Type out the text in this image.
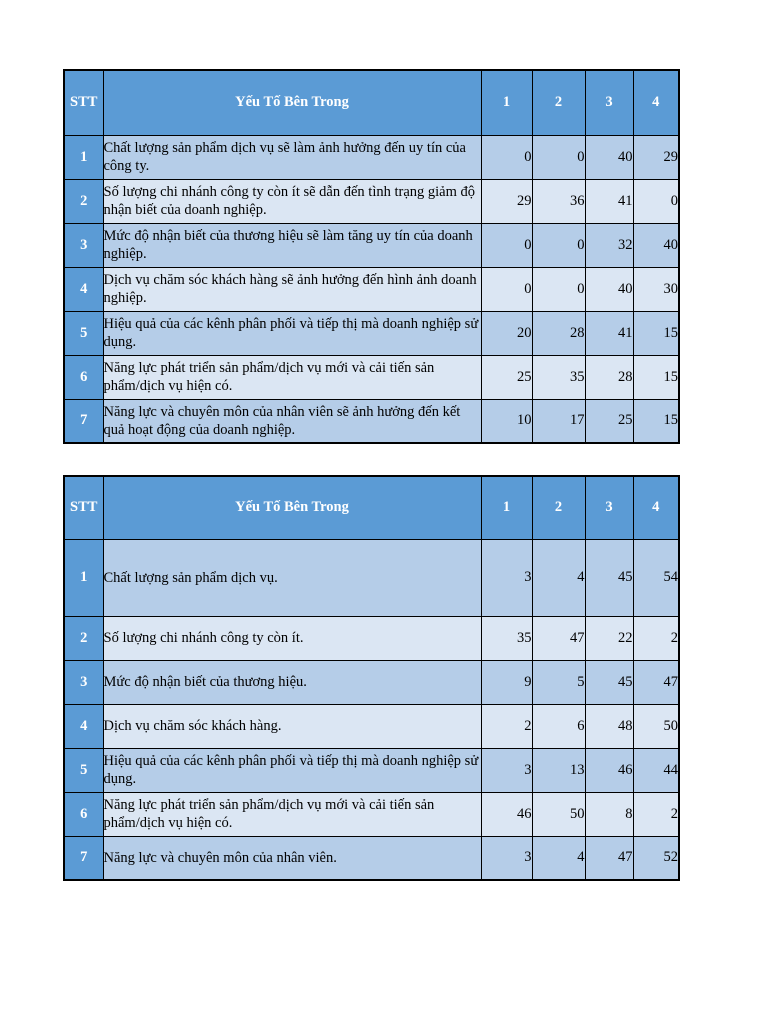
STT	Yếu Tố Bên Trong	1	2	3	4
1	Chất lượng sản phẩm dịch vụ sẽ làm ảnh hưởng đến uy tín của công ty.	0	0	40	29
2	Số lượng chi nhánh công ty còn ít sẽ dẫn đến tình trạng giảm độ nhận biết của doanh nghiệp.	29	36	41	0
3	Mức độ nhận biết của thương hiệu sẽ làm tăng uy tín của doanh nghiệp.	0	0	32	40
4	Dịch vụ chăm sóc khách hàng sẽ ảnh hưởng đến hình ảnh doanh nghiệp.	0	0	40	30
5	Hiệu quả của các kênh phân phối và tiếp thị mà doanh nghiệp sử dụng.	20	28	41	15
6	Năng lực phát triển sản phẩm/dịch vụ mới và cải tiến sản phẩm/dịch vụ hiện có.	25	35	28	15
7	Năng lực và chuyên môn của nhân viên sẽ ảnh hưởng đến kết quả hoạt động của doanh nghiệp.	10	17	25	15
STT	Yếu Tố Bên Trong	1	2	3	4
1	Chất lượng sản phẩm dịch vụ.	3	4	45	54
2	Số lượng chi nhánh công ty còn ít.	35	47	22	2
3	Mức độ nhận biết của thương hiệu.	9	5	45	47
4	Dịch vụ chăm sóc khách hàng.	2	6	48	50
5	Hiệu quả của các kênh phân phối và tiếp thị mà doanh nghiệp sử dụng.	3	13	46	44
6	Năng lực phát triển sản phẩm/dịch vụ mới và cải tiến sản phẩm/dịch vụ hiện có.	46	50	8	2
7	Năng lực và chuyên môn của nhân viên.	3	4	47	52
